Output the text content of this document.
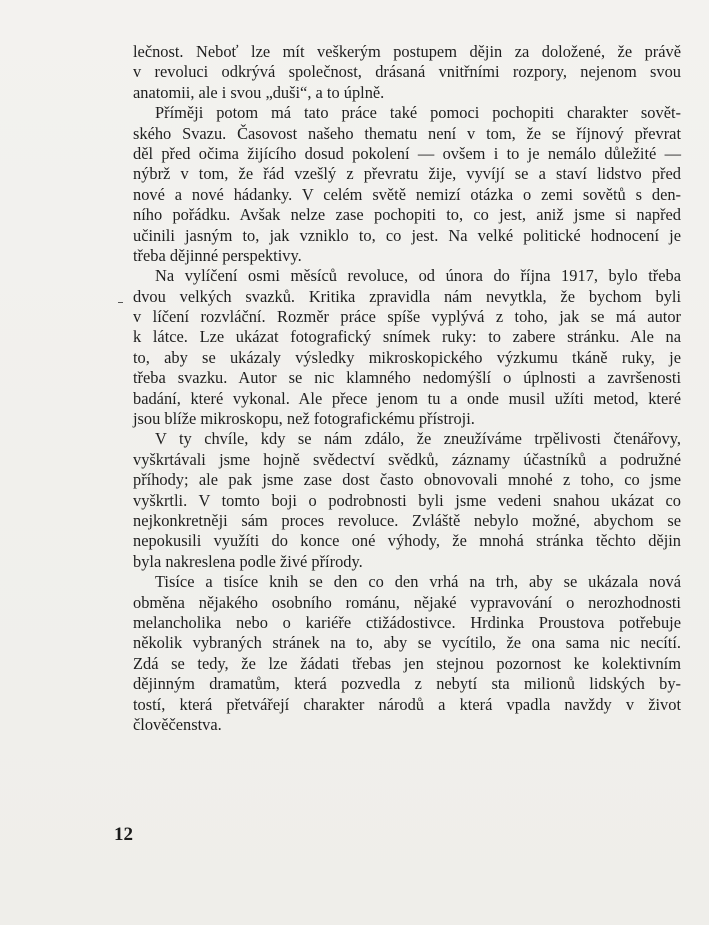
lečnost. Neboť lze mít veškerým postupem dějin za doložené, že právě
v revoluci odkrývá společnost, drásaná vnitřními rozpory, nejenom svou
anatomii, ale i svou „duši“, a to úplně.
Příměji potom má tato práce také pomoci pochopiti charakter sovět-
ského Svazu. Časovost našeho thematu není v tom, že se říjnový převrat
děl před očima žijícího dosud pokolení — ovšem i to je nemálo důležité —
nýbrž v tom, že řád vzešlý z převratu žije, vyvíjí se a staví lidstvo před
nové a nové hádanky. V celém světě nemizí otázka o zemi sovětů s den-
ního pořádku. Avšak nelze zase pochopiti to, co jest, aniž jsme si napřed
učinili jasným to, jak vzniklo to, co jest. Na velké politické hodnocení je
třeba dějinné perspektivy.
Na vylíčení osmi měsíců revoluce, od února do října 1917, bylo třeba
dvou velkých svazků. Kritika zpravidla nám nevytkla, že bychom byli
v líčení rozvláční. Rozměr práce spíše vyplývá z toho, jak se má autor
k látce. Lze ukázat fotografický snímek ruky: to zabere stránku. Ale na
to, aby se ukázaly výsledky mikroskopického výzkumu tkáně ruky, je
třeba svazku. Autor se nic klamného nedomýšlí o úplnosti a završenosti
badání, které vykonal. Ale přece jenom tu a onde musil užíti metod, které
jsou blíže mikroskopu, než fotografickému přístroji.
V ty chvíle, kdy se nám zdálo, že zneužíváme trpělivosti čtenářovy,
vyškrtávali jsme hojně svědectví svědků, záznamy účastníků a podružné
příhody; ale pak jsme zase dost často obnovovali mnohé z toho, co jsme
vyškrtli. V tomto boji o podrobnosti byli jsme vedeni snahou ukázat co
nejkonkretněji sám proces revoluce. Zvláště nebylo možné, abychom se
nepokusili využíti do konce oné výhody, že mnohá stránka těchto dějin
byla nakreslena podle živé přírody.
Tisíce a tisíce knih se den co den vrhá na trh, aby se ukázala nová
obměna nějakého osobního románu, nějaké vypravování o nerozhodnosti
melancholika nebo o kariéře ctižádostivce. Hrdinka Proustova potřebuje
několik vybraných stránek na to, aby se vycítilo, že ona sama nic necítí.
Zdá se tedy, že lze žádati třebas jen stejnou pozornost ke kolektivním
dějinným dramatům, která pozvedla z nebytí sta milionů lidských by-
tostí, která přetvářejí charakter národů a která vpadla navždy v život
člověčenstva.
12
